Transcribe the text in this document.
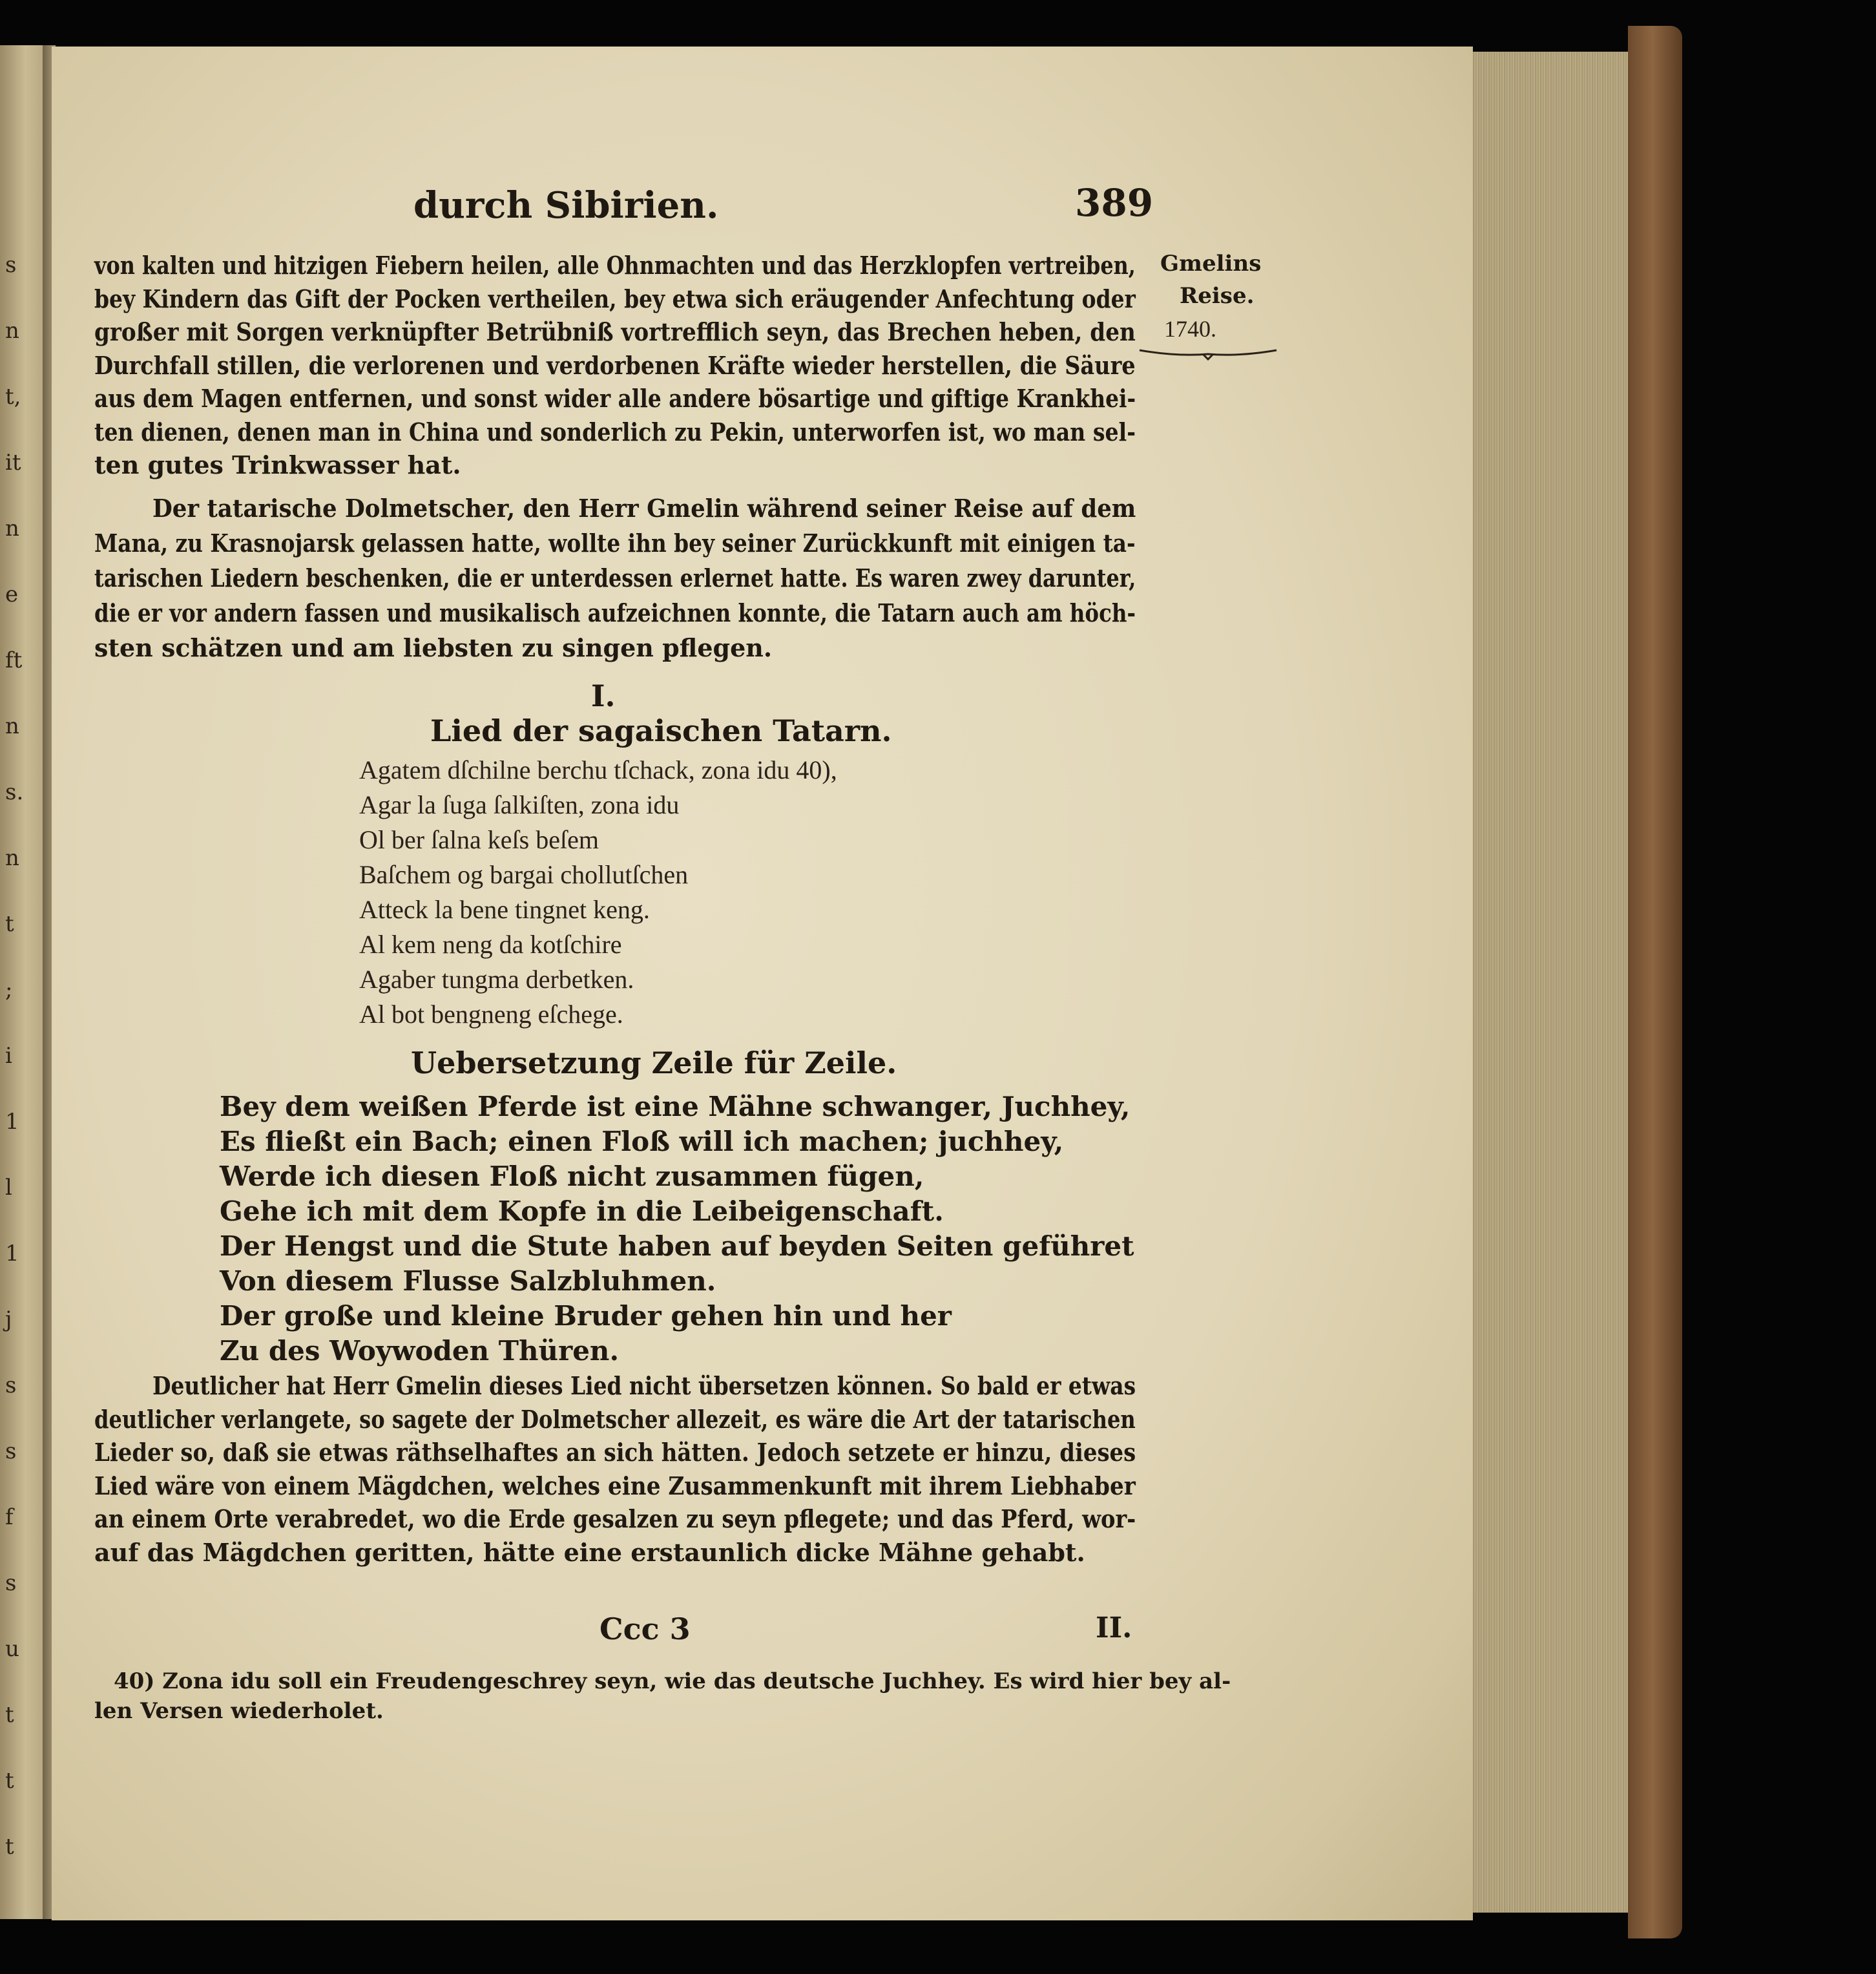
s
n
t,
it
n
e
ft
n
s.
n
t
;
i
1
l
1
j
s
s
f
s
u
t
t
t
durch Sibirien.	389
Gmelins
Reise.
1740.
von kalten und hitzigen Fiebern heilen, alle Ohnmachten und das Herzklopfen vertreiben,
bey Kindern das Gift der Pocken vertheilen, bey etwa sich eräugender Anfechtung oder
großer mit Sorgen verknüpfter Betrübniß vortrefflich seyn, das Brechen heben, den
Durchfall stillen, die verlorenen und verdorbenen Kräfte wieder herstellen, die Säure
aus dem Magen entfernen, und sonst wider alle andere bösartige und giftige Krankhei-
ten dienen, denen man in China und sonderlich zu Pekin, unterworfen ist, wo man sel-
ten gutes Trinkwasser hat.
Der tatarische Dolmetscher, den Herr Gmelin während seiner Reise auf dem
Mana, zu Krasnojarsk gelassen hatte, wollte ihn bey seiner Zurückkunft mit einigen ta-
tarischen Liedern beschenken, die er unterdessen erlernet hatte. Es waren zwey darunter,
die er vor andern fassen und musikalisch aufzeichnen konnte, die Tatarn auch am höch-
sten schätzen und am liebsten zu singen pflegen.
I.
Lied der sagaischen Tatarn.
Agatem dſchilne berchu tſchack, zona idu 40),
Agar la ſuga ſalkiſten, zona idu
Ol ber ſalna keſs beſem
Baſchem og bargai chollutſchen
Atteck la bene tingnet keng.
Al kem neng da kotſchire
Agaber tungma derbetken.
Al bot bengneng eſchege.
Uebersetzung Zeile für Zeile.
Bey dem weißen Pferde ist eine Mähne schwanger, Juchhey,
Es fließt ein Bach; einen Floß will ich machen; juchhey,
Werde ich diesen Floß nicht zusammen fügen,
Gehe ich mit dem Kopfe in die Leibeigenschaft.
Der Hengst und die Stute haben auf beyden Seiten geführet
Von diesem Flusse Salzbluhmen.
Der große und kleine Bruder gehen hin und her
Zu des Woywoden Thüren.
Deutlicher hat Herr Gmelin dieses Lied nicht übersetzen können. So bald er etwas
deutlicher verlangete, so sagete der Dolmetscher allezeit, es wäre die Art der tatarischen
Lieder so, daß sie etwas räthselhaftes an sich hätten. Jedoch setzete er hinzu, dieses
Lied wäre von einem Mägdchen, welches eine Zusammenkunft mit ihrem Liebhaber
an einem Orte verabredet, wo die Erde gesalzen zu seyn pflegete; und das Pferd, wor-
auf das Mägdchen geritten, hätte eine erstaunlich dicke Mähne gehabt.
Ccc 3	II.
40) Zona idu soll ein Freudengeschrey seyn, wie das deutsche Juchhey. Es wird hier bey al-
len Versen wiederholet.
